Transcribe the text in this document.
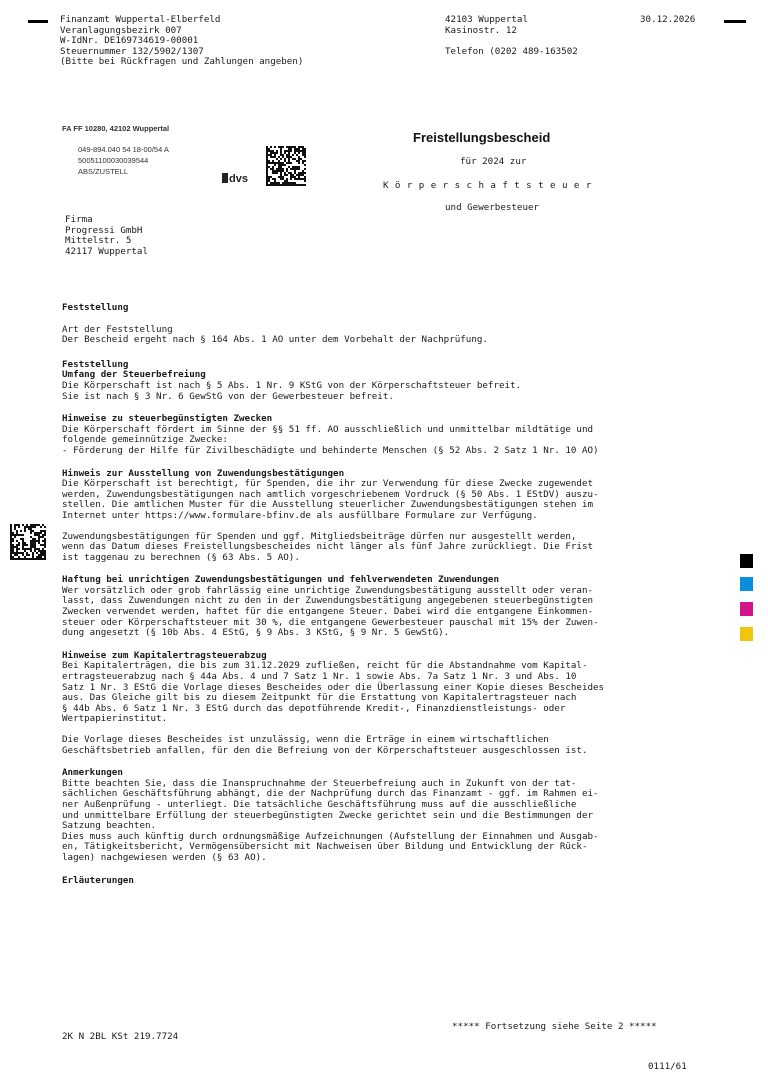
Finanzamt Wuppertal-Elberfeld
Veranlagungsbezirk 007
W-IdNr. DE169734619-00001
Steuernummer 132/5902/1307
(Bitte bei Rückfragen und Zahlungen angeben)
42103 Wuppertal
Kasinostr. 12

Telefon (0202 489-163502
30.12.2026
FA FF 10280, 42102 Wuppertal
049-894.040 54 18-00/54 A
50051100030039544
ABS/ZUSTELL
dvs
Freistellungsbescheid
für 2024 zur
Körperschaftsteuer
und Gewerbesteuer
Firma
Progressi GmbH
Mittelstr. 5
42117 Wuppertal
Feststellung
Art der Feststellung
Der Bescheid ergeht nach § 164 Abs. 1 AO unter dem Vorbehalt der Nachprüfung.
Feststellung
Umfang der Steuerbefreiung
Die Körperschaft ist nach § 5 Abs. 1 Nr. 9 KStG von der Körperschaftsteuer befreit.
Sie ist nach § 3 Nr. 6 GewStG von der Gewerbesteuer befreit.
Hinweise zu steuerbegünstigten Zwecken
Die Körperschaft fördert im Sinne der §§ 51 ff. AO ausschließlich und unmittelbar mildtätige und
folgende gemeinnützige Zwecke:
- Förderung der Hilfe für Zivilbeschädigte und behinderte Menschen (§ 52 Abs. 2 Satz 1 Nr. 10 AO)
Hinweis zur Ausstellung von Zuwendungsbestätigungen
Die Körperschaft ist berechtigt, für Spenden, die ihr zur Verwendung für diese Zwecke zugewendet
werden, Zuwendungsbestätigungen nach amtlich vorgeschriebenem Vordruck (§ 50 Abs. 1 EStDV) auszu-
stellen. Die amtlichen Muster für die Ausstellung steuerlicher Zuwendungsbestätigungen stehen im
Internet unter https://www.formulare-bfinv.de als ausfüllbare Formulare zur Verfügung.
Zuwendungsbestätigungen für Spenden und ggf. Mitgliedsbeiträge dürfen nur ausgestellt werden,
wenn das Datum dieses Freistellungsbescheides nicht länger als fünf Jahre zurückliegt. Die Frist
ist taggenau zu berechnen (§ 63 Abs. 5 AO).
Haftung bei unrichtigen Zuwendungsbestätigungen und fehlverwendeten Zuwendungen
Wer vorsätzlich oder grob fahrlässig eine unrichtige Zuwendungsbestätigung ausstellt oder veran-
lasst, dass Zuwendungen nicht zu den in der Zuwendungsbestätigung angegebenen steuerbegünstigten
Zwecken verwendet werden, haftet für die entgangene Steuer. Dabei wird die entgangene Einkommen-
steuer oder Körperschaftsteuer mit 30 %, die entgangene Gewerbesteuer pauschal mit 15% der Zuwen-
dung angesetzt (§ 10b Abs. 4 EStG, § 9 Abs. 3 KStG, § 9 Nr. 5 GewStG).
Hinweise zum Kapitalertragsteuerabzug
Bei Kapitalerträgen, die bis zum 31.12.2029 zufließen, reicht für die Abstandnahme vom Kapital-
ertragsteuerabzug nach § 44a Abs. 4 und 7 Satz 1 Nr. 1 sowie Abs. 7a Satz 1 Nr. 3 und Abs. 10
Satz 1 Nr. 3 EStG die Vorlage dieses Bescheides oder die Überlassung einer Kopie dieses Bescheides
aus. Das Gleiche gilt bis zu diesem Zeitpunkt für die Erstattung von Kapitalertragsteuer nach
§ 44b Abs. 6 Satz 1 Nr. 3 EStG durch das depotführende Kredit-, Finanzdienstleistungs- oder
Wertpapierinstitut.
Die Vorlage dieses Bescheides ist unzulässig, wenn die Erträge in einem wirtschaftlichen
Geschäftsbetrieb anfallen, für den die Befreiung von der Körperschaftsteuer ausgeschlossen ist.
Anmerkungen
Bitte beachten Sie, dass die Inanspruchnahme der Steuerbefreiung auch in Zukunft von der tat-
sächlichen Geschäftsführung abhängt, die der Nachprüfung durch das Finanzamt - ggf. im Rahmen ei-
ner Außenprüfung - unterliegt. Die tatsächliche Geschäftsführung muss auf die ausschließliche
und unmittelbare Erfüllung der steuerbegünstigten Zwecke gerichtet sein und die Bestimmungen der
Satzung beachten.
Dies muss auch künftig durch ordnungsmäßige Aufzeichnungen (Aufstellung der Einnahmen und Ausgab-
en, Tätigkeitsbericht, Vermögensübersicht mit Nachweisen über Bildung und Entwicklung der Rück-
lagen) nachgewiesen werden (§ 63 AO).
Erläuterungen
2K N 2BL KSt 219.7724
***** Fortsetzung siehe Seite 2 *****
0111/61
